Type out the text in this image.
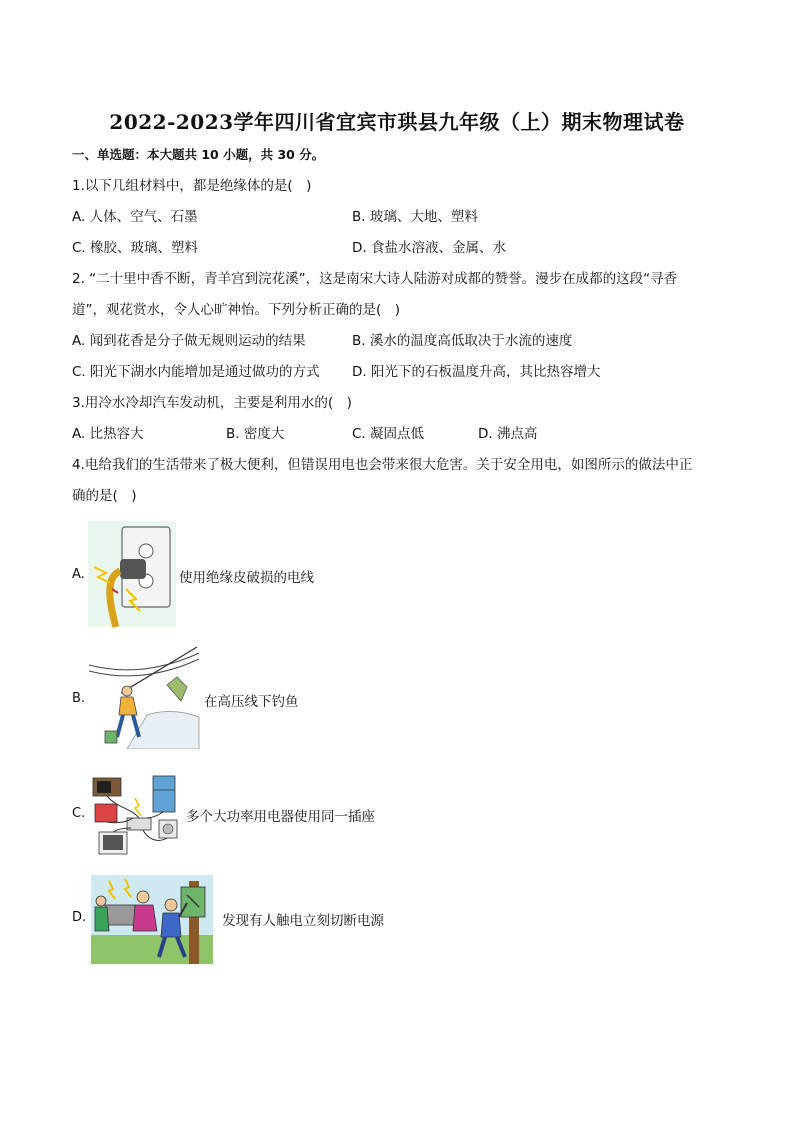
2022-2023学年四川省宜宾市珙县九年级（上）期末物理试卷
一、单选题：本大题共 10 小题，共 30 分。
1.以下几组材料中，都是绝缘体的是(　)
A. 人体、空气、石墨	B. 玻璃、大地、塑料
C. 橡胶、玻璃、塑料	D. 食盐水溶液、金属、水
2. “二十里中香不断，青羊宫到浣花溪”，这是南宋大诗人陆游对成都的赞誉。漫步在成都的这段“寻香
道”，观花赏水，令人心旷神怡。下列分析正确的是(　)
A. 闻到花香是分子做无规则运动的结果	B. 溪水的温度高低取决于水流的速度
C. 阳光下湖水内能增加是通过做功的方式 D. 阳光下的石板温度升高，其比热容增大
3.用冷水冷却汽车发动机，主要是利用水的(　)
A. 比热容大	B. 密度大	C. 凝固点低	D. 沸点高
4.电给我们的生活带来了极大便利，但错误用电也会带来很大危害。关于安全用电，如图所示的做法中正
确的是(　)
A.	使用绝缘皮破损的电线
B.	在高压线下钓鱼
C.	多个大功率用电器使用同一插座
D.	发现有人触电立刻切断电源
